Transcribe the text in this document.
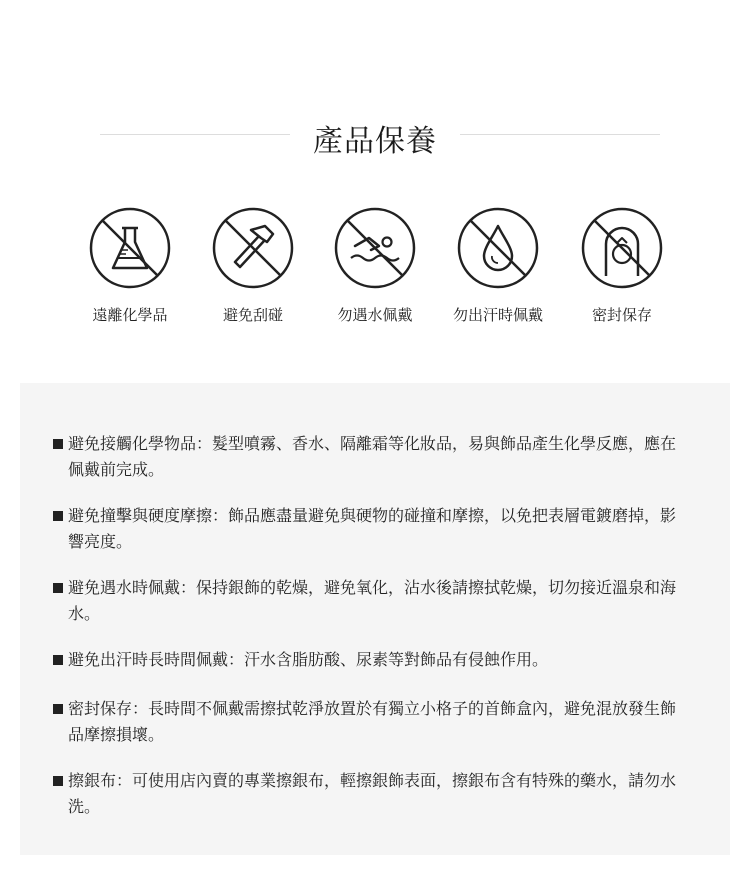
產品保養
遠離化學品	避免刮碰	勿遇水佩戴	勿出汗時佩戴	密封保存
避免接觸化學物品：髮型噴霧、香水、隔離霜等化妝品，易與飾品產生化學反應，應在佩戴前完成。
避免撞擊與硬度摩擦：飾品應盡量避免與硬物的碰撞和摩擦，以免把表層電鍍磨掉，影響亮度。
避免遇水時佩戴：保持銀飾的乾燥，避免氧化，沾水後請擦拭乾燥，切勿接近溫泉和海水。
避免出汗時長時間佩戴：汗水含脂肪酸、尿素等對飾品有侵蝕作用。
密封保存：長時間不佩戴需擦拭乾淨放置於有獨立小格子的首飾盒內，避免混放發生飾品摩擦損壞。
擦銀布：可使用店內賣的專業擦銀布，輕擦銀飾表面，擦銀布含有特殊的藥水，請勿水洗。
